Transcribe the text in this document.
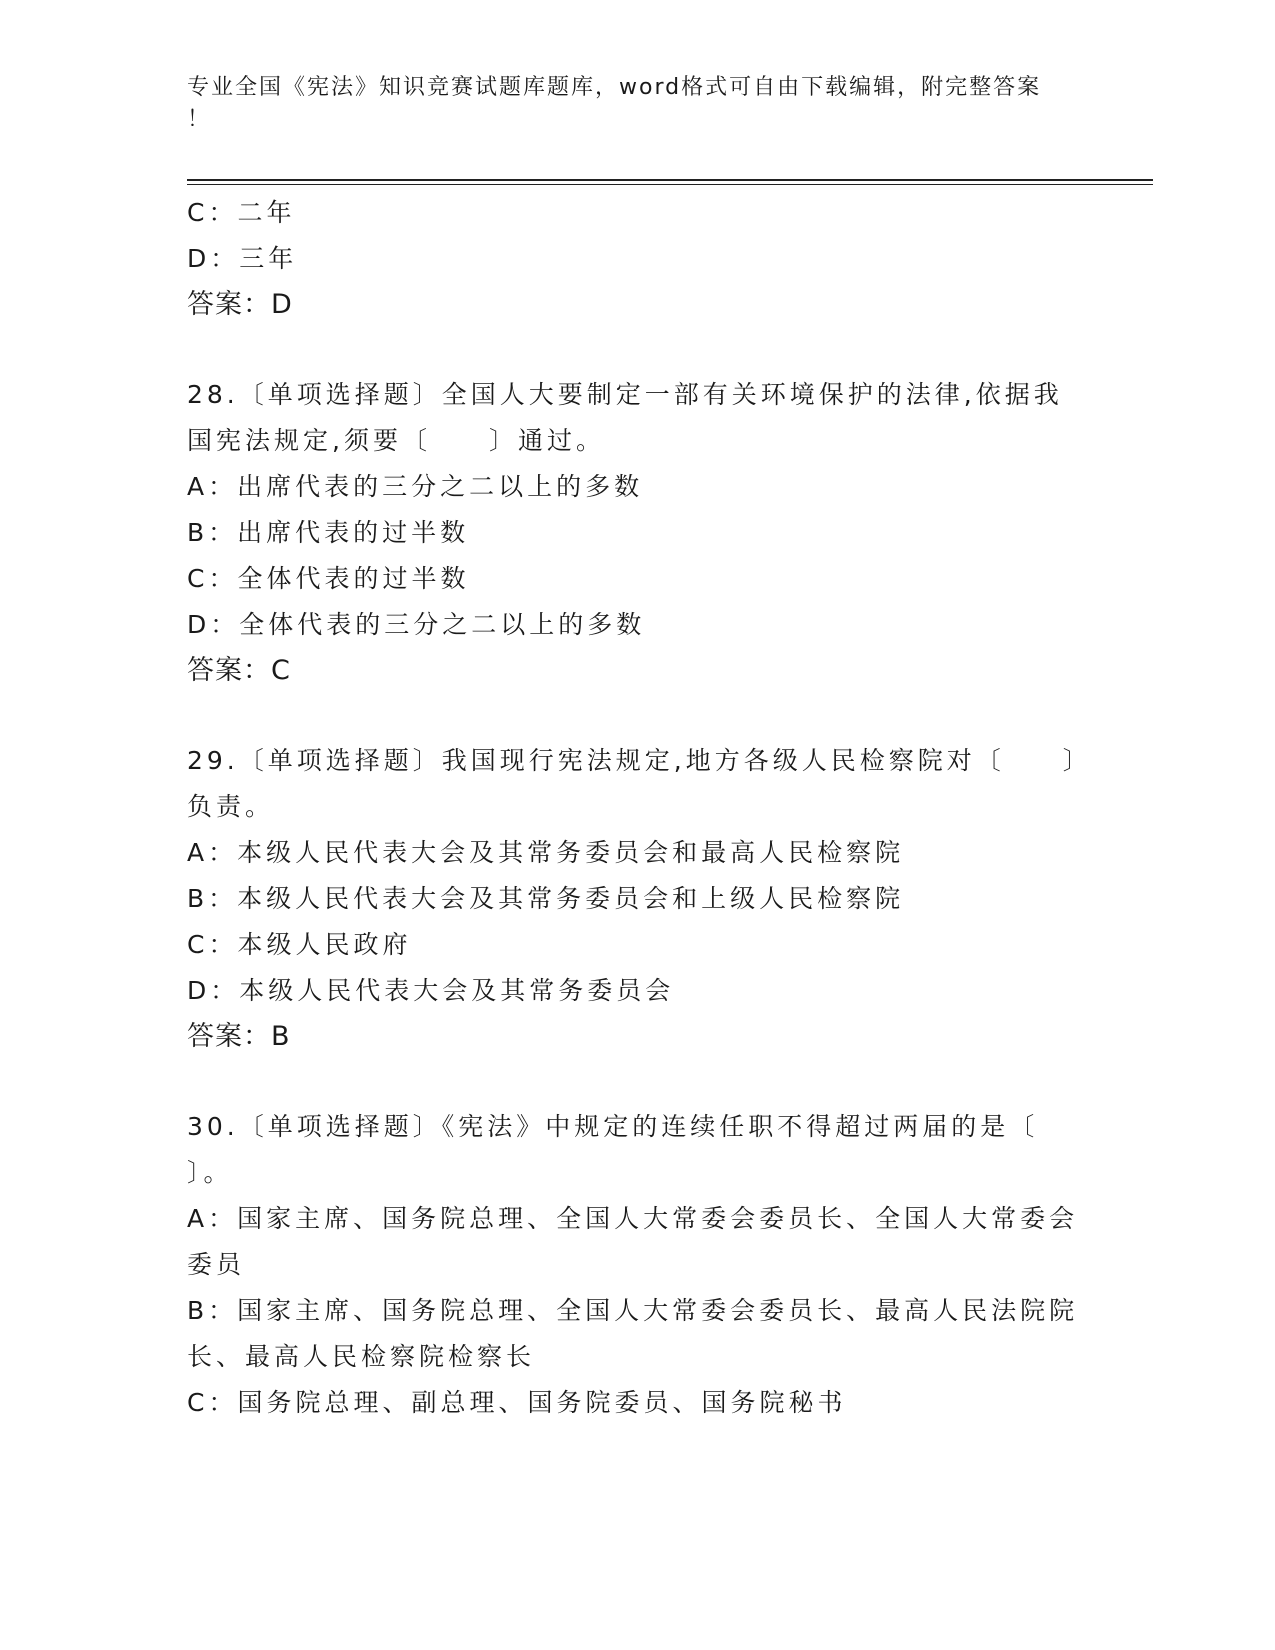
专业全国《宪法》知识竞赛试题库题库，word格式可自由下载编辑，附完整答案
！
C：二年
D：三年
答案：D
28.〔单项选择题〕全国人大要制定一部有关环境保护的法律,依据我
国宪法规定,须要〔　　〕通过。
A：出席代表的三分之二以上的多数
B：出席代表的过半数
C：全体代表的过半数
D：全体代表的三分之二以上的多数
答案：C
29.〔单项选择题〕我国现行宪法规定,地方各级人民检察院对〔　　〕
负责。
A：本级人民代表大会及其常务委员会和最高人民检察院
B：本级人民代表大会及其常务委员会和上级人民检察院
C：本级人民政府
D：本级人民代表大会及其常务委员会
答案：B
30.〔单项选择题〕《宪法》中规定的连续任职不得超过两届的是〔
〕。
A：国家主席、国务院总理、全国人大常委会委员长、全国人大常委会
委员
B：国家主席、国务院总理、全国人大常委会委员长、最高人民法院院
长、最高人民检察院检察长
C：国务院总理、副总理、国务院委员、国务院秘书
